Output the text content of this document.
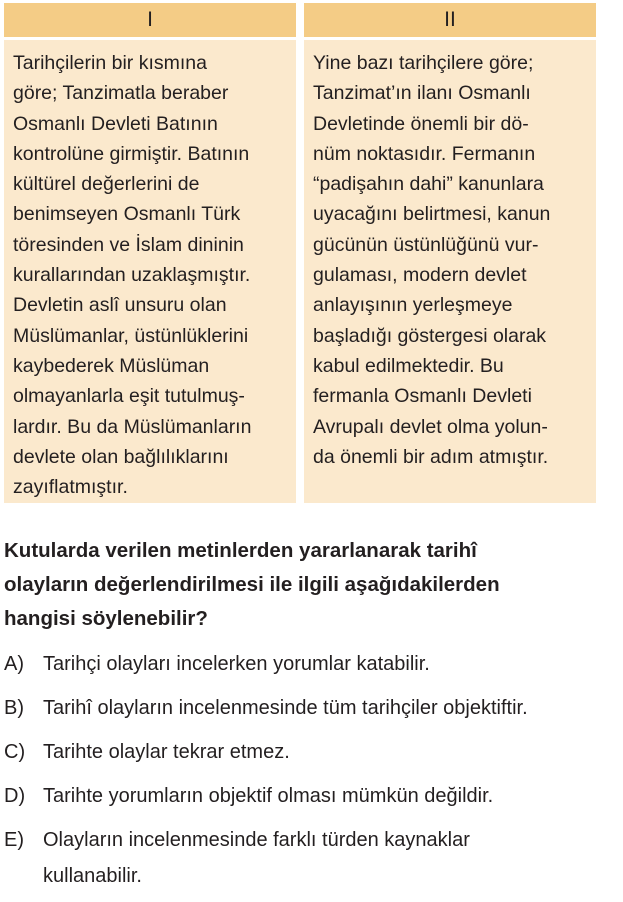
I
Tarihçilerin bir kısmına
göre; Tanzimatla beraber
Osmanlı Devleti Batının
kontrolüne girmiştir. Batının
kültürel değerlerini de
benimseyen Osmanlı Türk
töresinden ve İslam dininin
kurallarından uzaklaşmıştır.
Devletin aslî unsuru olan
Müslümanlar, üstünlüklerini
kaybederek Müslüman
olmayanlarla eşit tutulmuş-
lardır. Bu da Müslümanların
devlete olan bağlılıklarını
zayıflatmıştır.
II
Yine bazı tarihçilere göre;
Tanzimat’ın ilanı Osmanlı
Devletinde önemli bir dö-
nüm noktasıdır. Fermanın
“padişahın dahi” kanunlara
uyacağını belirtmesi, kanun
gücünün üstünlüğünü vur-
gulaması, modern devlet
anlayışının yerleşmeye
başladığı göstergesi olarak
kabul edilmektedir. Bu
fermanla Osmanlı Devleti
Avrupalı devlet olma yolun-
da önemli bir adım atmıştır.
Kutularda verilen metinlerden yararlanarak tarihî
olayların değerlendirilmesi ile ilgili aşağıdakilerden
hangisi söylenebilir?
A) Tarihçi olayları incelerken yorumlar katabilir.
B) Tarihî olayların incelenmesinde tüm tarihçiler objektiftir.
C) Tarihte olaylar tekrar etmez.
D) Tarihte yorumların objektif olması mümkün değildir.
E) Olayların incelenmesinde farklı türden kaynaklar
kullanabilir.
